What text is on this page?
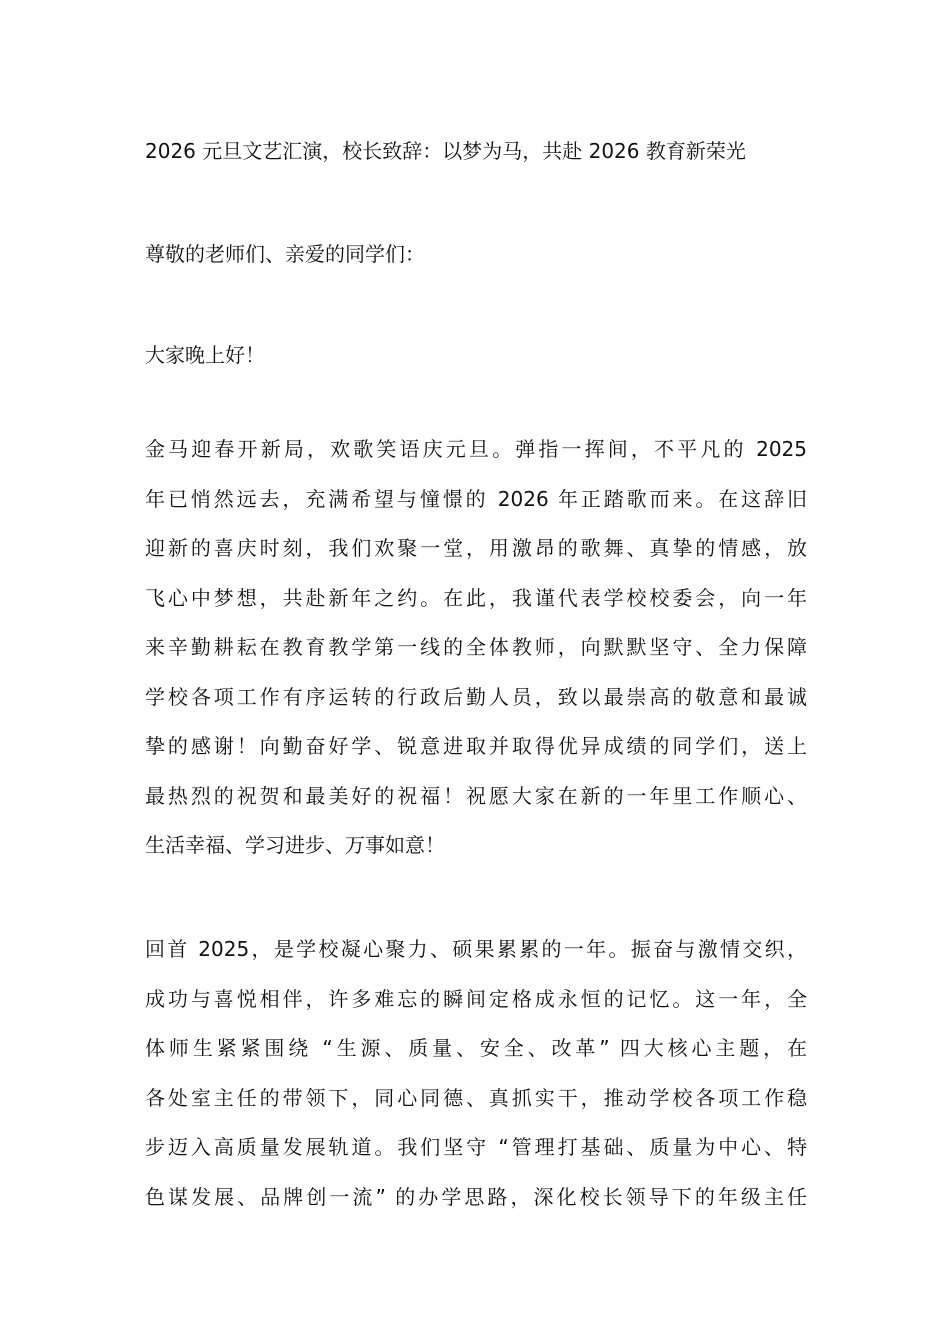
2026 元旦文艺汇演，校长致辞：以梦为马，共赴 2026 教育新荣光
尊敬的老师们、亲爱的同学们：
大家晚上好！
金马迎春开新局，欢歌笑语庆元旦。弹指一挥间，不平凡的 2025
年已悄然远去，充满希望与憧憬的 2026 年正踏歌而来。在这辞旧
迎新的喜庆时刻，我们欢聚一堂，用激昂的歌舞、真挚的情感，放
飞心中梦想，共赴新年之约。在此，我谨代表学校校委会，向一年
来辛勤耕耘在教育教学第一线的全体教师，向默默坚守、全力保障
学校各项工作有序运转的行政后勤人员，致以最崇高的敬意和最诚
挚的感谢！向勤奋好学、锐意进取并取得优异成绩的同学们，送上
最热烈的祝贺和最美好的祝福！祝愿大家在新的一年里工作顺心、
生活幸福、学习进步、万事如意！
回首 2025，是学校凝心聚力、硕果累累的一年。振奋与激情交织，
成功与喜悦相伴，许多难忘的瞬间定格成永恒的记忆。这一年，全
体师生紧紧围绕 “生源、质量、安全、改革” 四大核心主题，在
各处室主任的带领下，同心同德、真抓实干，推动学校各项工作稳
步迈入高质量发展轨道。我们坚守 “管理打基础、质量为中心、特
色谋发展、品牌创一流” 的办学思路，深化校长领导下的年级主任
